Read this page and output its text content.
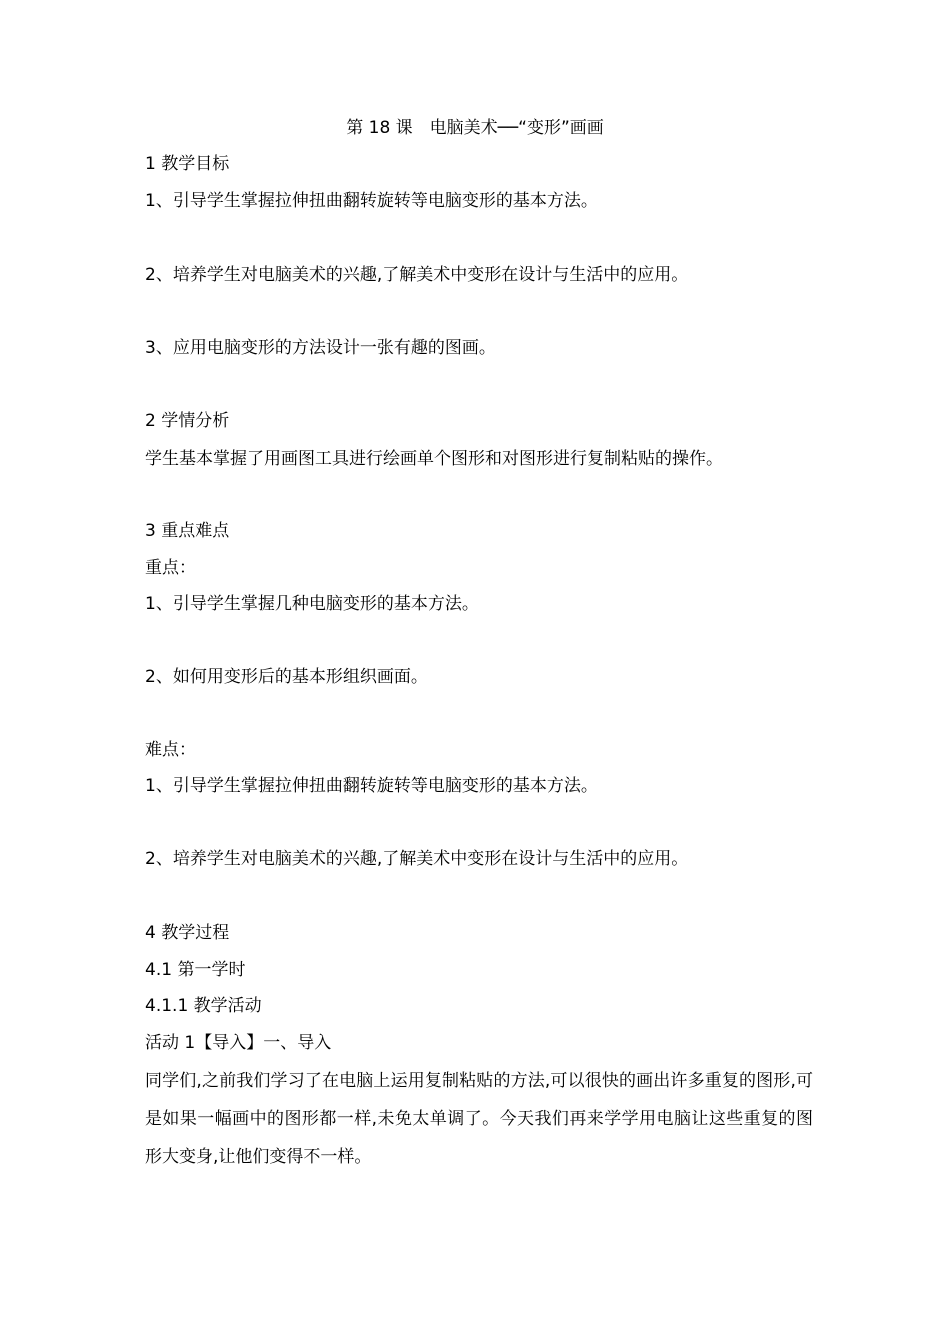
第 18 课　电脑美术──“变形”画画
1 教学目标
1、引导学生掌握拉伸扭曲翻转旋转等电脑变形的基本方法。
2、培养学生对电脑美术的兴趣,了解美术中变形在设计与生活中的应用。
3、应用电脑变形的方法设计一张有趣的图画。
2 学情分析
学生基本掌握了用画图工具进行绘画单个图形和对图形进行复制粘贴的操作。
3 重点难点
重点：
1、引导学生掌握几种电脑变形的基本方法。
2、如何用变形后的基本形组织画面。
难点：
1、引导学生掌握拉伸扭曲翻转旋转等电脑变形的基本方法。
2、培养学生对电脑美术的兴趣,了解美术中变形在设计与生活中的应用。
4 教学过程
4.1 第一学时
4.1.1 教学活动
活动 1【导入】一、导入
同学们,之前我们学习了在电脑上运用复制粘贴的方法,可以很快的画出许多重复的图形,可是如果一幅画中的图形都一样,未免太单调了。今天我们再来学学用电脑让这些重复的图形大变身,让他们变得不一样。
